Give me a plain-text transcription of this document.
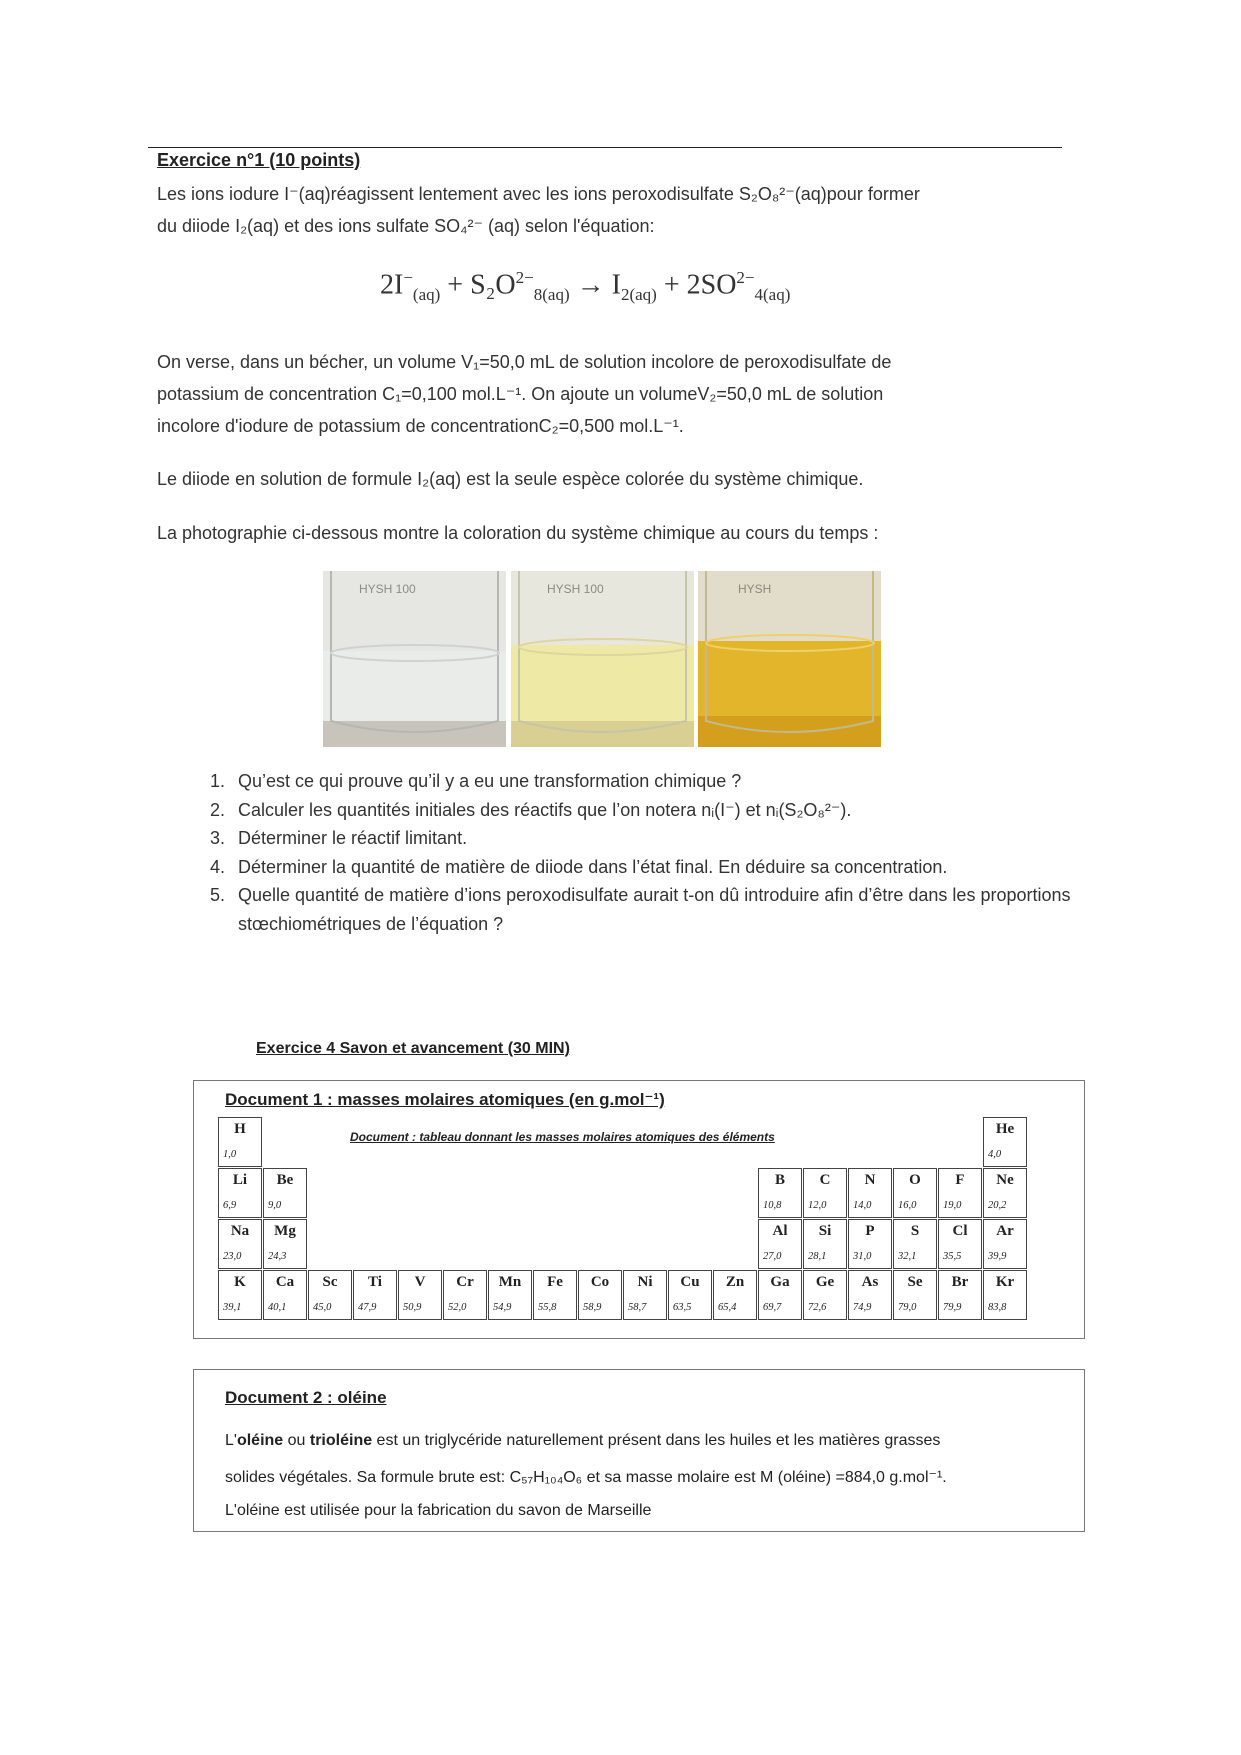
Exercice n°1 (10 points)
Les ions iodure I⁻(aq)réagissent lentement avec les ions peroxodisulfate S₂O₈²⁻(aq)pour former
du diiode I₂(aq) et des ions sulfate SO₄²⁻ (aq) selon l'équation:
$2I^-_{(aq)} + S_2O^{2-}_{8(aq)} \to I_{2(aq)} + 2SO^{2-}_{4(aq)}$
On verse, dans un bécher, un volume V₁=50,0 mL de solution incolore de peroxodisulfate de
potassium de concentration C₁=0,100 mol.L⁻¹. On ajoute un volumeV₂=50,0 mL de solution
incolore d'iodure de potassium de concentrationC₂=0,500 mol.L⁻¹.
Le diiode en solution de formule I₂(aq) est la seule espèce colorée du système chimique.
La photographie ci-dessous montre la coloration du système chimique au cours du temps :
HYSH 100	HYSH 100	HYSH
1. Qu’est ce qui prouve qu’il y a eu une transformation chimique ?
2. Calculer les quantités initiales des réactifs que l’on notera nᵢ(I⁻) et nᵢ(S₂O₈²⁻).
3. Déterminer le réactif limitant.
4. Déterminer la quantité de matière de diiode dans l’état final. En déduire sa concentration.
5. Quelle quantité de matière d’ions peroxodisulfate aurait t-on dû introduire afin d’être dans les proportions stœchiométriques de l’équation ?
Exercice 4 Savon et avancement (30 MIN)
Document 1 : masses molaires atomiques (en g.mol⁻¹)
Document : tableau donnant les masses molaires atomiques des éléments
H
1,0
He
4,0
Li
6,9
Be
9,0
B
10,8
C
12,0
N
14,0
O
16,0
F
19,0
Ne
20,2
Na
23,0
Mg
24,3
Al
27,0
Si
28,1
P
31,0
S
32,1
Cl
35,5
Ar
39,9
K
39,1
Ca
40,1
Sc
45,0
Ti
47,9
V
50,9
Cr
52,0
Mn
54,9
Fe
55,8
Co
58,9
Ni
58,7
Cu
63,5
Zn
65,4
Ga
69,7
Ge
72,6
As
74,9
Se
79,0
Br
79,9
Kr
83,8
Document 2 : oléine

L'oléine ou trioléine est un triglycéride naturellement présent dans les huiles et les matières grasses

solides végétales. Sa formule brute est: C₅₇H₁₀₄O₆ et sa masse molaire est M (oléine) =884,0 g.mol⁻¹.

L'oléine est utilisée pour la fabrication du savon de Marseille
